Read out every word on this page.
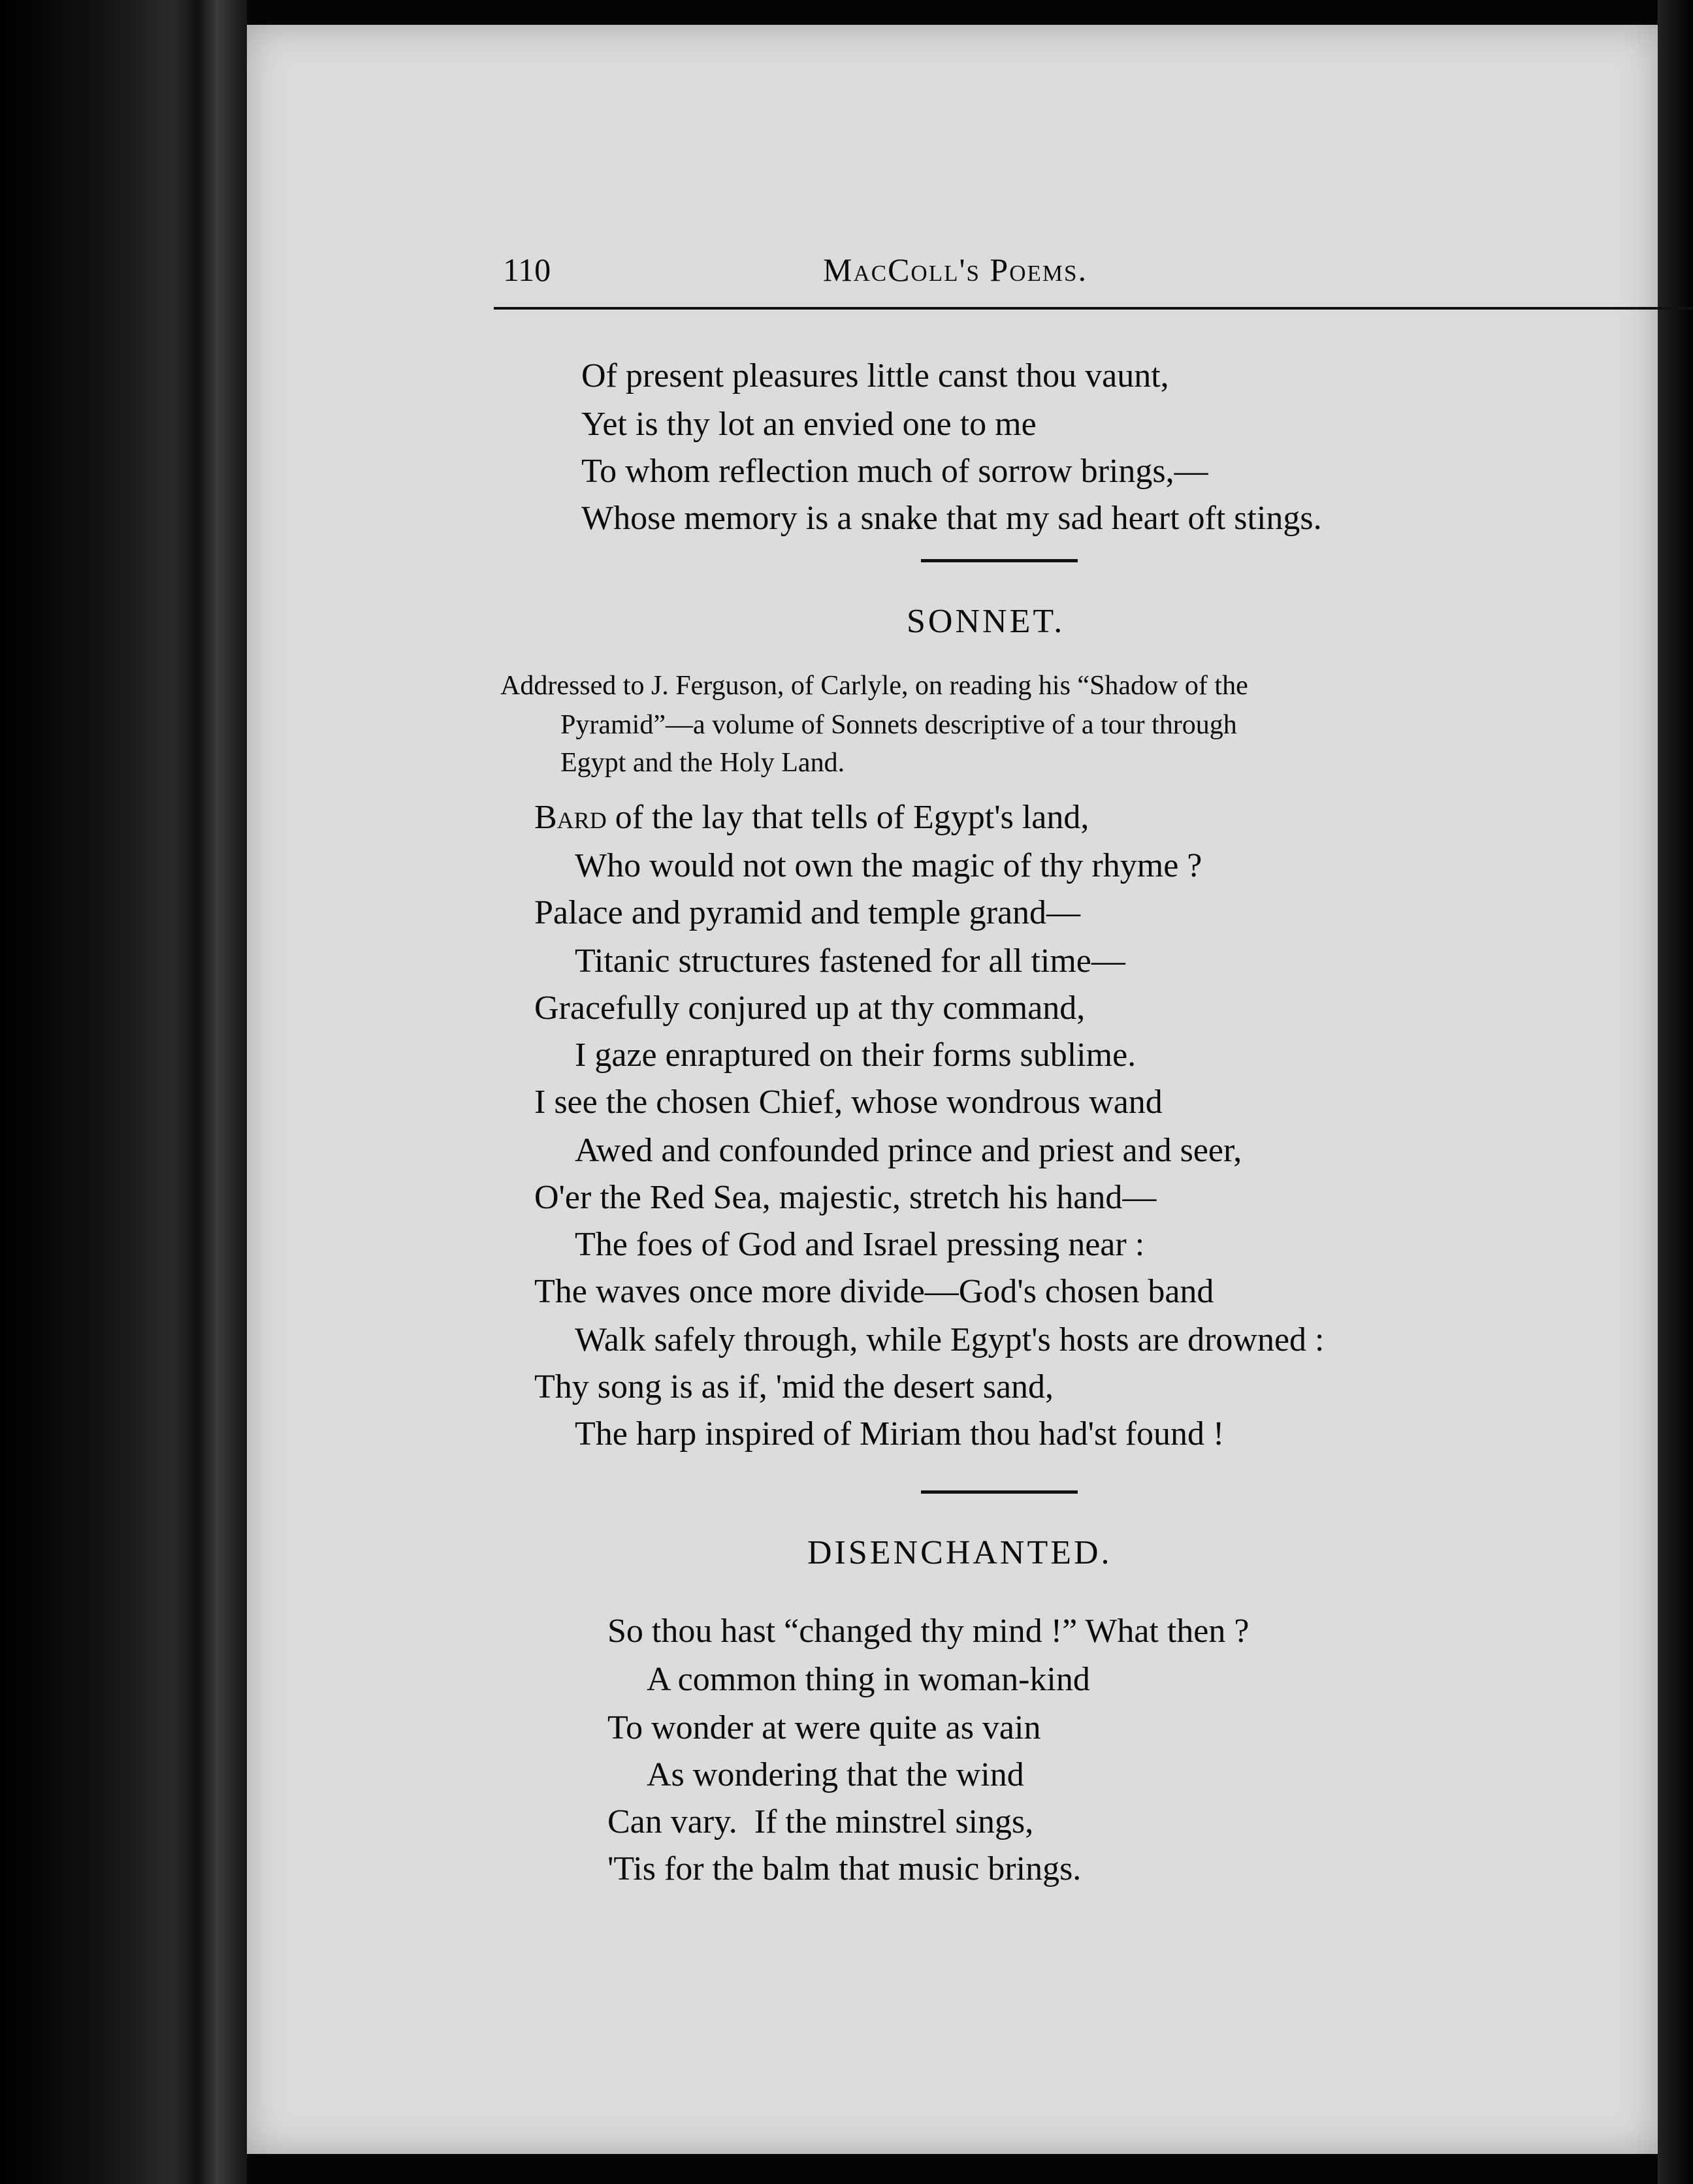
110	MacColl's Poems.
Of present pleasures little canst thou vaunt,
Yet is thy lot an envied one to me
To whom reflection much of sorrow brings,—
Whose memory is a snake that my sad heart oft stings.
SONNET.
Addressed to J. Ferguson, of Carlyle, on reading his “Shadow of the
Pyramid”—a volume of Sonnets descriptive of a tour through
Egypt and the Holy Land.
Bard of the lay that tells of Egypt's land,
Who would not own the magic of thy rhyme ?
Palace and pyramid and temple grand—
Titanic structures fastened for all time—
Gracefully conjured up at thy command,
I gaze enraptured on their forms sublime.
I see the chosen Chief, whose wondrous wand
Awed and confounded prince and priest and seer,
O'er the Red Sea, majestic, stretch his hand—
The foes of God and Israel pressing near :
The waves once more divide—God's chosen band
Walk safely through, while Egypt's hosts are drowned :
Thy song is as if, 'mid the desert sand,
The harp inspired of Miriam thou had'st found !
DISENCHANTED.
So thou hast “changed thy mind !” What then ?
A common thing in woman-kind
To wonder at were quite as vain
As wondering that the wind
Can vary.  If the minstrel sings,
'Tis for the balm that music brings.
